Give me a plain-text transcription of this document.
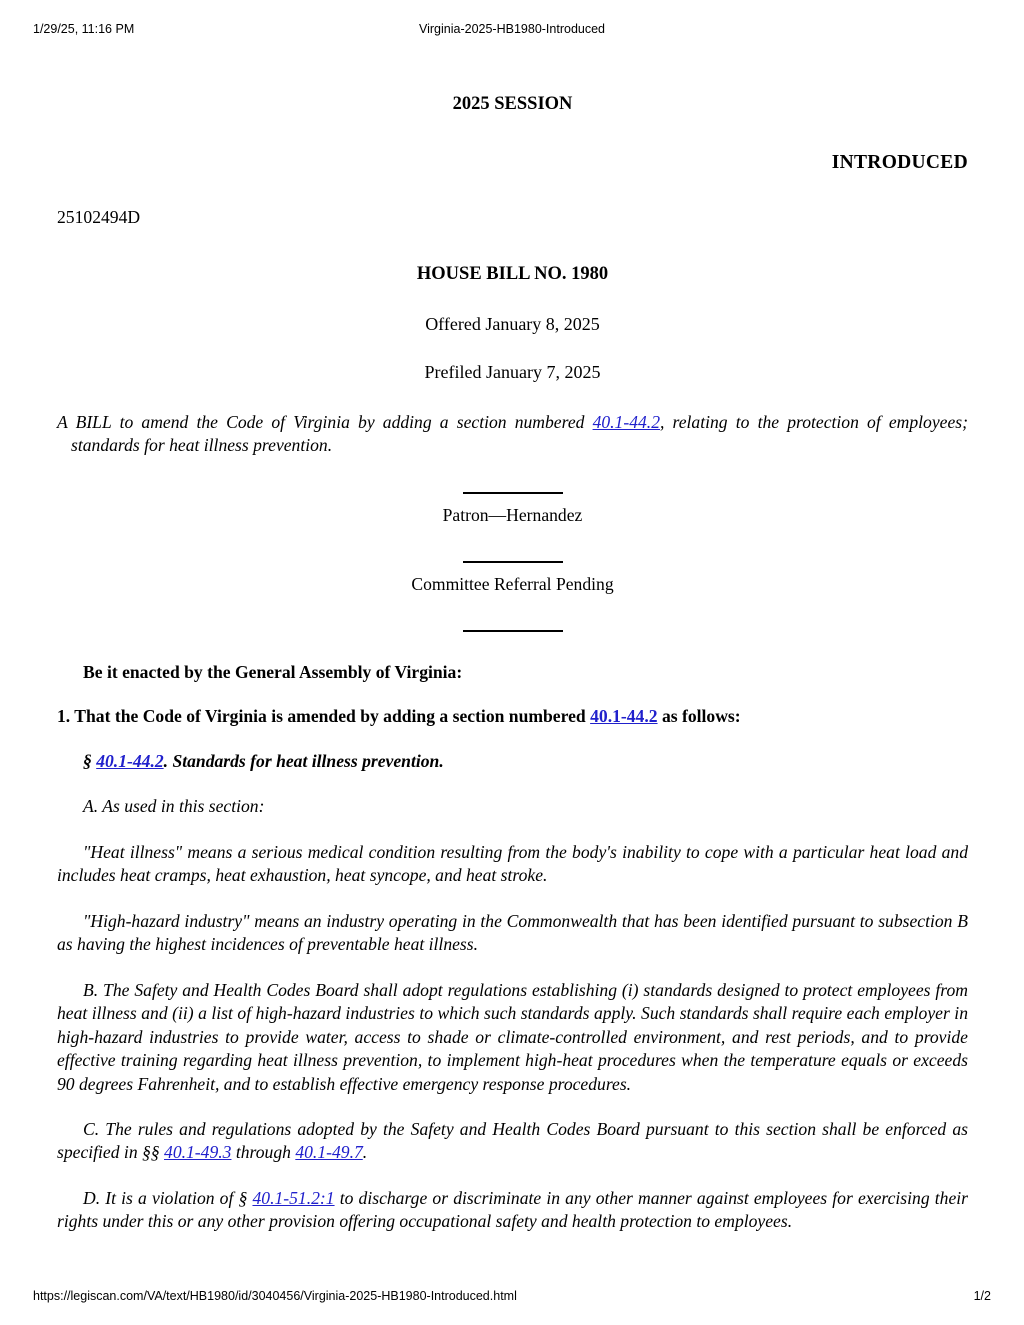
1/29/25, 11:16 PM	Virginia-2025-HB1980-Introduced
2025 SESSION
INTRODUCED
25102494D
HOUSE BILL NO. 1980
Offered January 8, 2025
Prefiled January 7, 2025
A BILL to amend the Code of Virginia by adding a section numbered 40.1-44.2, relating to the protection of employees; standards for heat illness prevention.
Patron—Hernandez
Committee Referral Pending
Be it enacted by the General Assembly of Virginia:
1. That the Code of Virginia is amended by adding a section numbered 40.1-44.2 as follows:
§ 40.1-44.2. Standards for heat illness prevention.
A. As used in this section:
"Heat illness" means a serious medical condition resulting from the body's inability to cope with a particular heat load and includes heat cramps, heat exhaustion, heat syncope, and heat stroke.
"High-hazard industry" means an industry operating in the Commonwealth that has been identified pursuant to subsection B as having the highest incidences of preventable heat illness.
B. The Safety and Health Codes Board shall adopt regulations establishing (i) standards designed to protect employees from heat illness and (ii) a list of high-hazard industries to which such standards apply. Such standards shall require each employer in high-hazard industries to provide water, access to shade or climate-controlled environment, and rest periods, and to provide effective training regarding heat illness prevention, to implement high-heat procedures when the temperature equals or exceeds 90 degrees Fahrenheit, and to establish effective emergency response procedures.
C. The rules and regulations adopted by the Safety and Health Codes Board pursuant to this section shall be enforced as specified in §§ 40.1-49.3 through 40.1-49.7.
D. It is a violation of § 40.1-51.2:1 to discharge or discriminate in any other manner against employees for exercising their rights under this or any other provision offering occupational safety and health protection to employees.
https://legiscan.com/VA/text/HB1980/id/3040456/Virginia-2025-HB1980-Introduced.html	1/2
